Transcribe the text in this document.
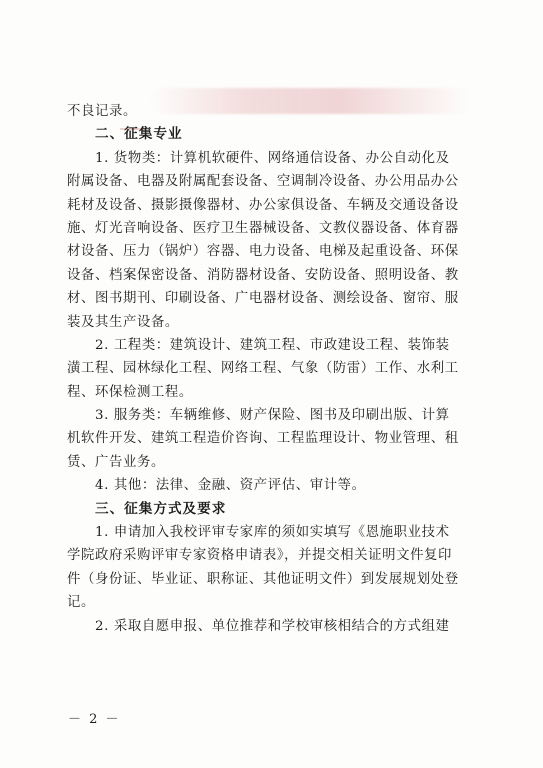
不良记录。
二、征集专业
1. 货物类：计算机软硬件、网络通信设备、办公自动化及
附属设备、电器及附属配套设备、空调制冷设备、办公用品办公
耗材及设备、摄影摄像器材、办公家俱设备、车辆及交通设备设
施、灯光音响设备、医疗卫生器械设备、文教仪器设备、体育器
材设备、压力（锅炉）容器、电力设备、电梯及起重设备、环保
设备、档案保密设备、消防器材设备、安防设备、照明设备、教
材、图书期刊、印刷设备、广电器材设备、测绘设备、窗帘、服
装及其生产设备。
2. 工程类：建筑设计、建筑工程、市政建设工程、装饰装
潢工程、园林绿化工程、网络工程、气象（防雷）工作、水利工
程、环保检测工程。
3. 服务类：车辆维修、财产保险、图书及印刷出版、计算
机软件开发、建筑工程造价咨询、工程监理设计、物业管理、租
赁、广告业务。
4. 其他：法律、金融、资产评估、审计等。
三、征集方式及要求
1. 申请加入我校评审专家库的须如实填写《恩施职业技术
学院政府采购评审专家资格申请表》，并提交相关证明文件复印
件（身份证、毕业证、职称证、其他证明文件）到发展规划处登
记。
2. 采取自愿申报、单位推荐和学校审核相结合的方式组建
－ 2 －
